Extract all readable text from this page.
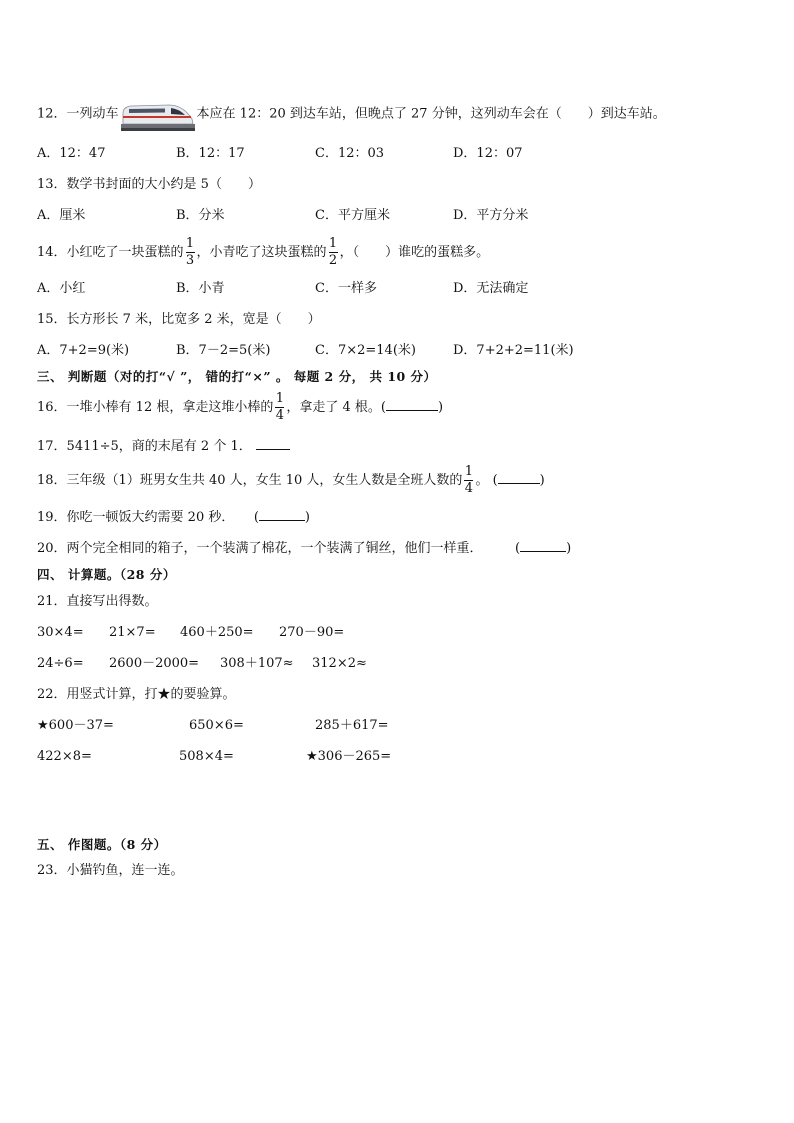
12．一列动车	本应在 12：20 到达车站，但晚点了 27 分钟，这列动车会在（　　）到达车站。
A．12：47	B．12：17	C．12：03	D．12：07
13．数学书封面的大小约是 5（　　）
A．厘米	B．分米	C．平方厘米	D．平方分米
14．小红吃了一块蛋糕的 $\frac{1}{3}$ ，小青吃了这块蛋糕的 $\frac{1}{2}$ ，（　　）谁吃的蛋糕多。
A．小红	B．小青	C．一样多	D．无法确定
15．长方形长 7 米，比宽多 2 米，宽是（　　）
A．7+2=9(米)	B．7－2=5(米)	C．7×2=14(米)	D．7+2+2=11(米)
三、 判断题（对的打“√ ”， 错的打“×” 。 每题 2 分， 共 10 分）
16．一堆小棒有 12 根，拿走这堆小棒的 $\frac{1}{4}$ ，拿走了 4 根。(	)
17．5411÷5，商的末尾有 2 个 1．
18．三年级（1）班男女生共 40 人，女生 10 人，女生人数是全班人数的 $\frac{1}{4}$ 。 (	)
19．你吃一顿饭大约需要 20 秒．　　(	)
20．两个完全相同的箱子，一个装满了棉花，一个装满了铜丝，他们一样重．　　　(	)
四、 计算题。（28 分）
21．直接写出得数。
30×4= 21×7= 460＋250= 270－90=
24÷6= 2600－2000= 308＋107≈ 312×2≈
22．用竖式计算，打★的要验算。
★600－37=	650×6=	285＋617=
422×8=	508×4=	★306－265=
五、 作图题。（8 分）
23．小猫钓鱼，连一连。
